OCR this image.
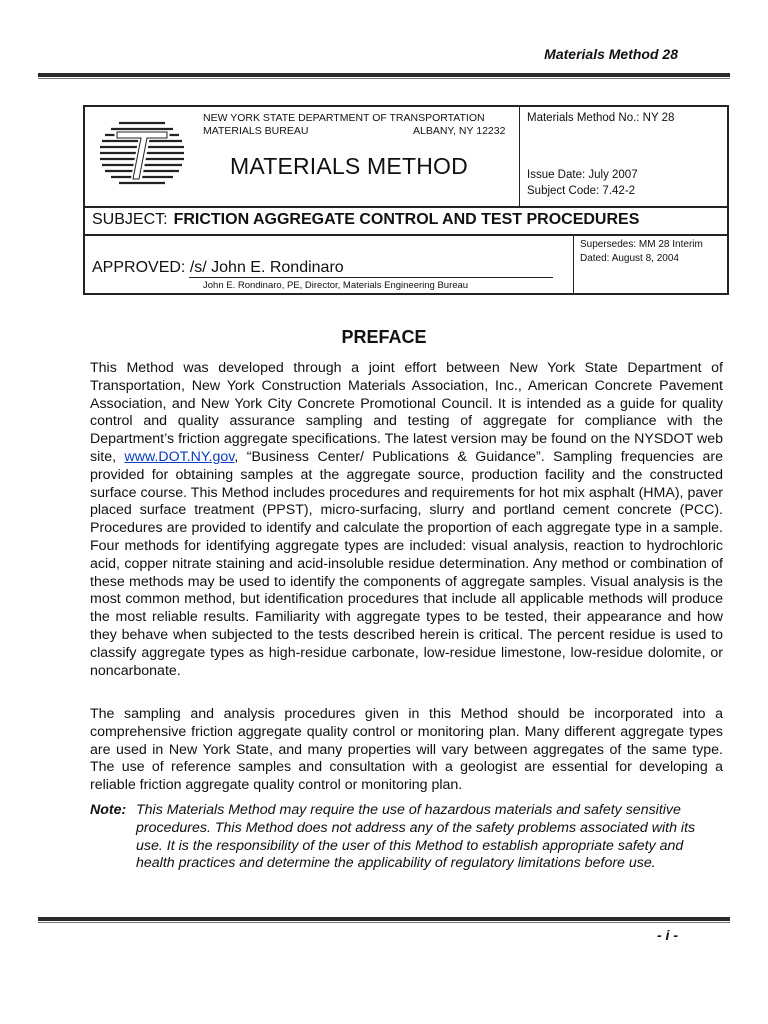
Materials Method 28
NEW YORK STATE DEPARTMENT OF TRANSPORTATION
MATERIALS BUREAU	ALBANY, NY 12232
MATERIALS METHOD
Materials Method No.: NY 28
Issue Date: July 2007
Subject Code: 7.42-2
SUBJECT: FRICTION AGGREGATE CONTROL AND TEST PROCEDURES
APPROVED: /s/ John E. Rondinaro
John E. Rondinaro, PE, Director, Materials Engineering Bureau
Supersedes: MM 28 Interim
Dated: August 8, 2004
PREFACE

This Method was developed through a joint effort between New York State Department of Transportation, New York Construction Materials Association, Inc., American Concrete Pavement Association, and New York City Concrete Promotional Council. It is intended as a guide for quality control and quality assurance sampling and testing of aggregate for compliance with the Department’s friction aggregate specifications. The latest version may be found on the NYSDOT web site, www.DOT.NY.gov, “Business Center/ Publications & Guidance”. Sampling frequencies are provided for obtaining samples at the aggregate source, production facility and the constructed surface course. This Method includes procedures and requirements for hot mix asphalt (HMA), paver placed surface treatment (PPST), micro-surfacing, slurry and portland cement concrete (PCC). Procedures are provided to identify and calculate the proportion of each aggregate type in a sample. Four methods for identifying aggregate types are included: visual analysis, reaction to hydrochloric acid, copper nitrate staining and acid-insoluble residue determination. Any method or combination of these methods may be used to identify the components of aggregate samples. Visual analysis is the most common method, but identification procedures that include all applicable methods will produce the most reliable results. Familiarity with aggregate types to be tested, their appearance and how they behave when subjected to the tests described herein is critical. The percent residue is used to classify aggregate types as high-residue carbonate, low-residue limestone, low-residue dolomite, or noncarbonate.

The sampling and analysis procedures given in this Method should be incorporated into a comprehensive friction aggregate quality control or monitoring plan. Many different aggregate types are used in New York State, and many properties will vary between aggregates of the same type. The use of reference samples and consultation with a geologist are essential for developing a reliable friction aggregate quality control or monitoring plan.

Note: This Materials Method may require the use of hazardous materials and safety sensitive procedures. This Method does not address any of the safety problems associated with its use. It is the responsibility of the user of this Method to establish appropriate safety and health practices and determine the applicability of regulatory limitations before use.
- i -
